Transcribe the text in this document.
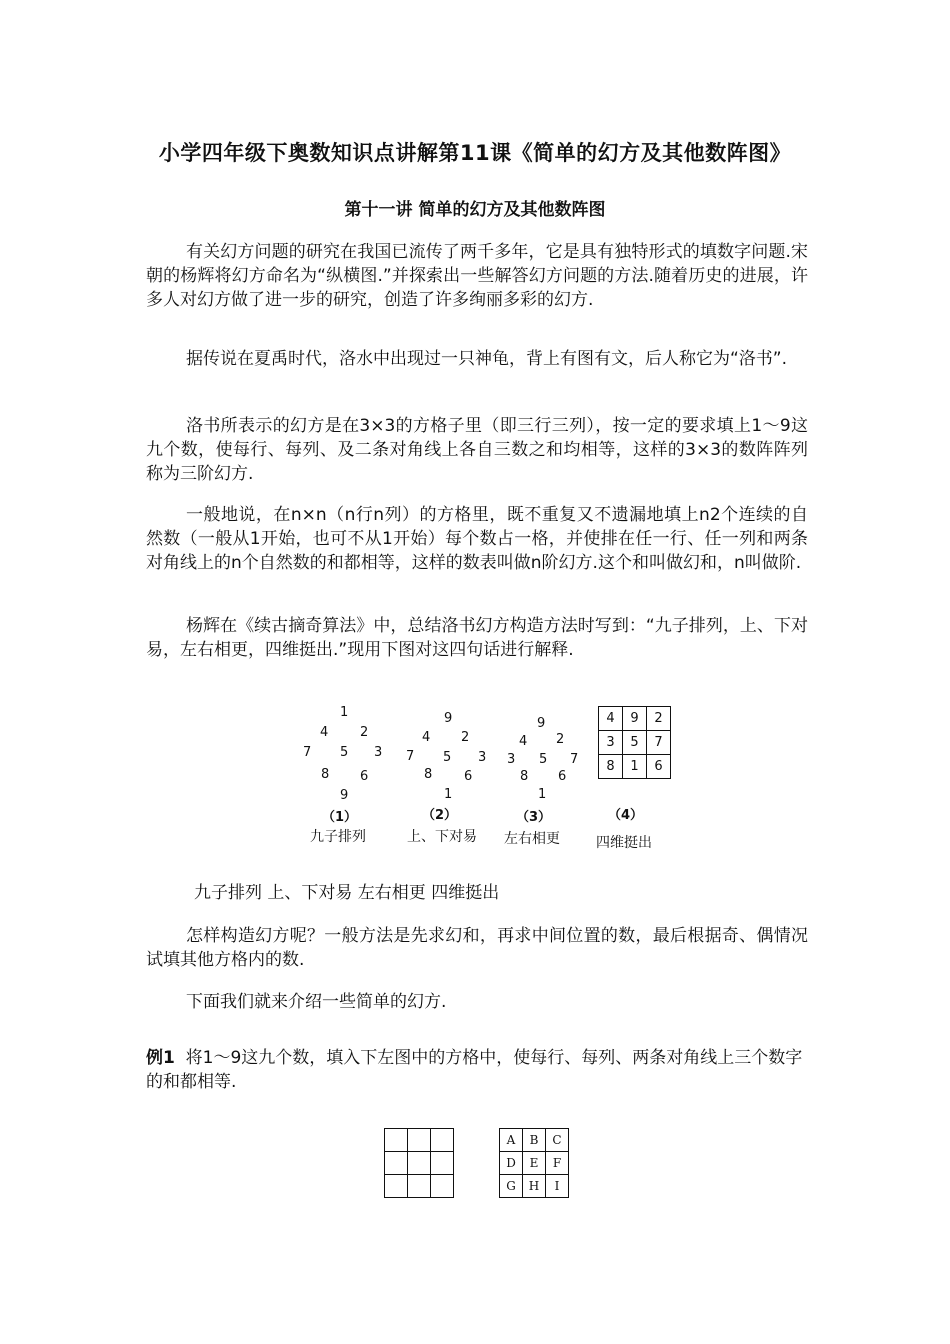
小学四年级下奥数知识点讲解第11课《简单的幻方及其他数阵图》
第十一讲 简单的幻方及其他数阵图

有关幻方问题的研究在我国已流传了两千多年，它是具有独特形式的填数字问题.宋朝的杨辉将幻方命名为“纵横图.”并探索出一些解答幻方问题的方法.随着历史的进展，许多人对幻方做了进一步的研究，创造了许多绚丽多彩的幻方.

据传说在夏禹时代，洛水中出现过一只神龟，背上有图有文，后人称它为“洛书”.

洛书所表示的幻方是在3×3的方格子里（即三行三列），按一定的要求填上1～9这九个数，使每行、每列、及二条对角线上各自三数之和均相等，这样的3×3的数阵阵列称为三阶幻方.

一般地说，在n×n（n行n列）的方格里，既不重复又不遗漏地填上n2个连续的自然数（一般从1开始，也可不从1开始）每个数占一格，并使排在任一行、任一列和两条对角线上的n个自然数的和都相等，这样的数表叫做n阶幻方.这个和叫做幻和，n叫做阶.

杨辉在《续古摘奇算法》中，总结洛书幻方构造方法时写到：“九子排列，上、下对易，左右相更，四维挺出.”现用下图对这四句话进行解释.

1
4 2
7 5 3
8 6
9
9
4 2
7 5 3
8 6
1
9
4 2
3 5 7
8 6
1
4	9	2
3	5	7
8	1	6
（1）	（2）	（3）	（4）
九子排列	上、下对易 左右相更	四维挺出

九子排列 上、下对易 左右相更 四维挺出

怎样构造幻方呢？一般方法是先求幻和，再求中间位置的数，最后根据奇、偶情况试填其他方格内的数.

下面我们就来介绍一些简单的幻方.

例1 将1～9这九个数，填入下左图中的方格中，使每行、每列、两条对角线上三个数字的和都相等.

A	B	C
D	E	F
G	H	I
